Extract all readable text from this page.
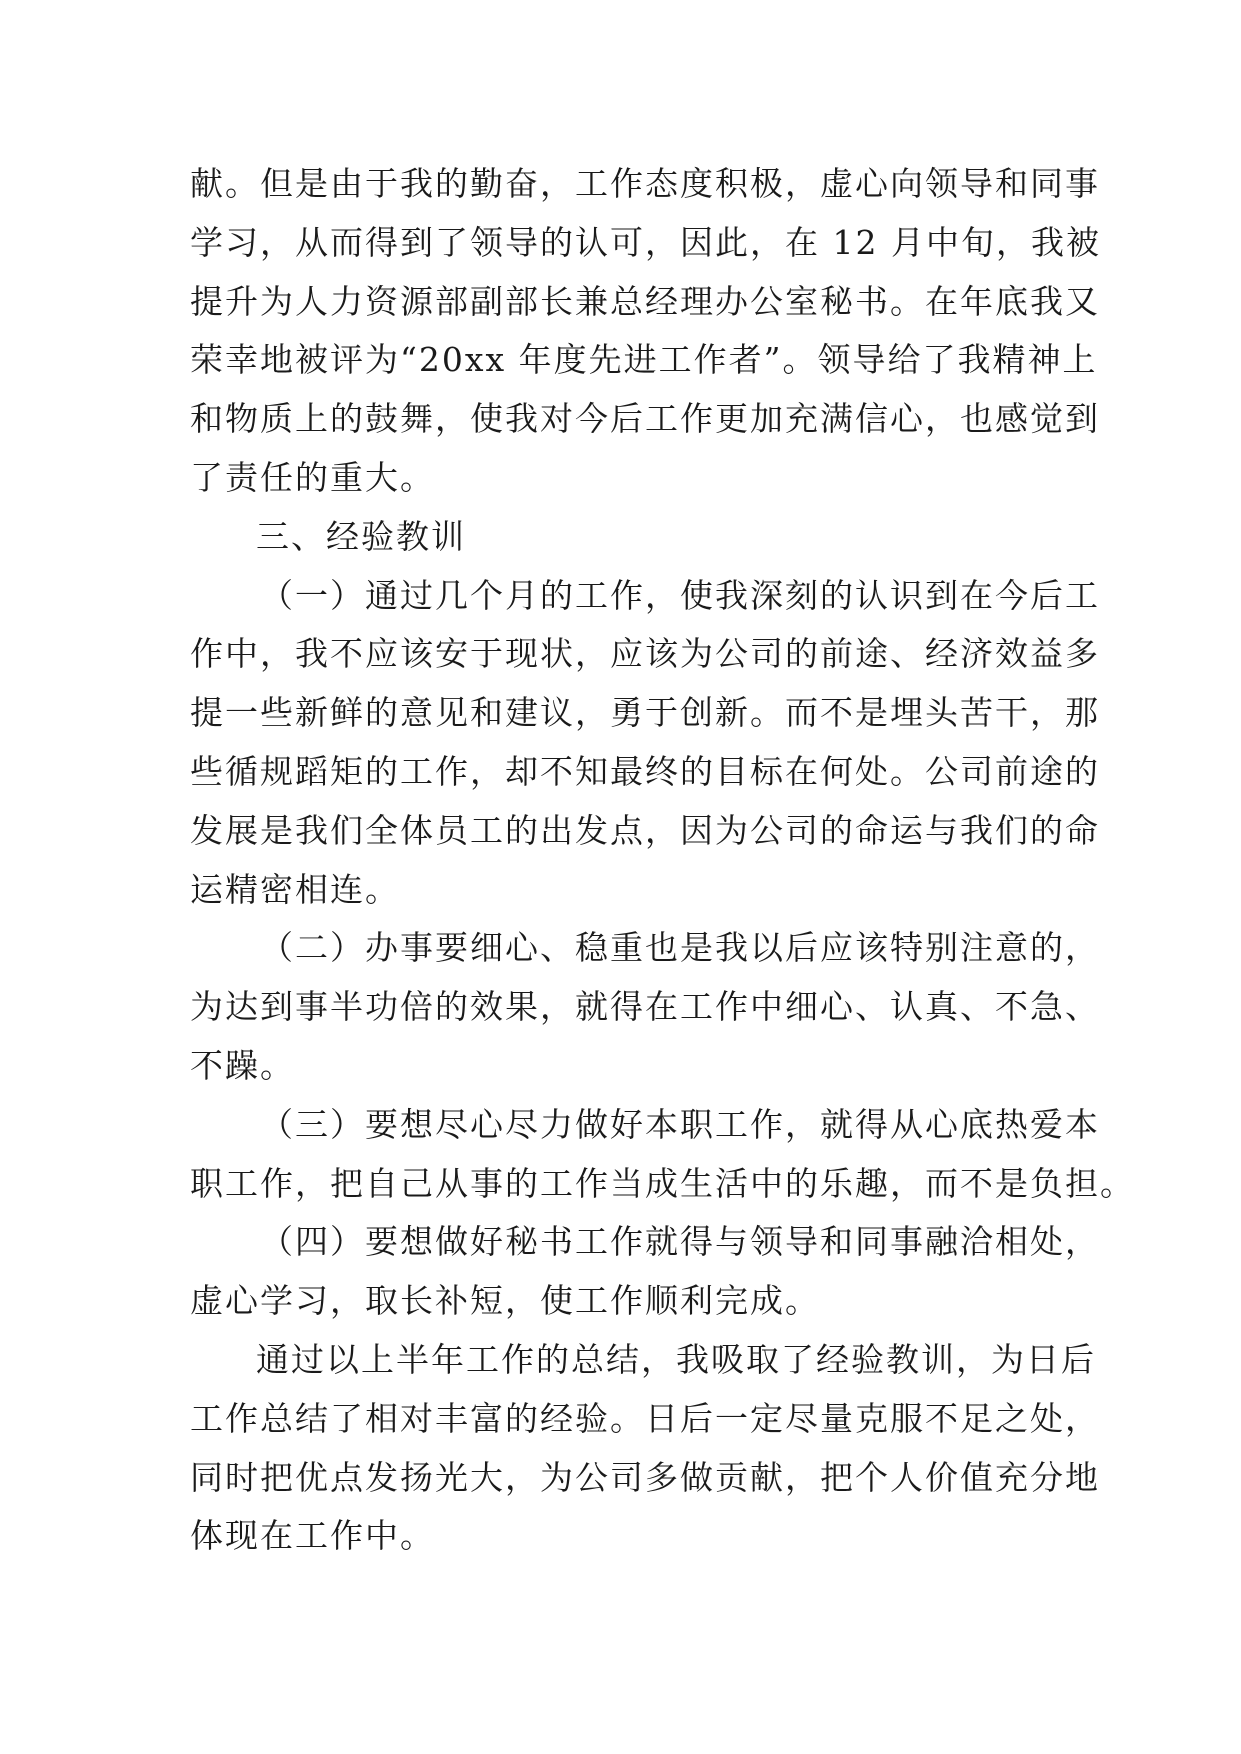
献。但是由于我的勤奋，工作态度积极，虚心向领导和同事
学习，从而得到了领导的认可，因此，在 12 月中旬，我被
提升为人力资源部副部长兼总经理办公室秘书。在年底我又
荣幸地被评为“20xx 年度先进工作者”。领导给了我精神上
和物质上的鼓舞，使我对今后工作更加充满信心，也感觉到
了责任的重大。
三、经验教训
（一）通过几个月的工作，使我深刻的认识到在今后工
作中，我不应该安于现状，应该为公司的前途、经济效益多
提一些新鲜的意见和建议，勇于创新。而不是埋头苦干，那
些循规蹈矩的工作，却不知最终的目标在何处。公司前途的
发展是我们全体员工的出发点，因为公司的命运与我们的命
运精密相连。
（二）办事要细心、稳重也是我以后应该特别注意的，
为达到事半功倍的效果，就得在工作中细心、认真、不急、
不躁。
（三）要想尽心尽力做好本职工作，就得从心底热爱本
职工作，把自己从事的工作当成生活中的乐趣，而不是负担。
（四）要想做好秘书工作就得与领导和同事融洽相处，
虚心学习，取长补短，使工作顺利完成。
通过以上半年工作的总结，我吸取了经验教训，为日后
工作总结了相对丰富的经验。日后一定尽量克服不足之处，
同时把优点发扬光大，为公司多做贡献，把个人价值充分地
体现在工作中。
